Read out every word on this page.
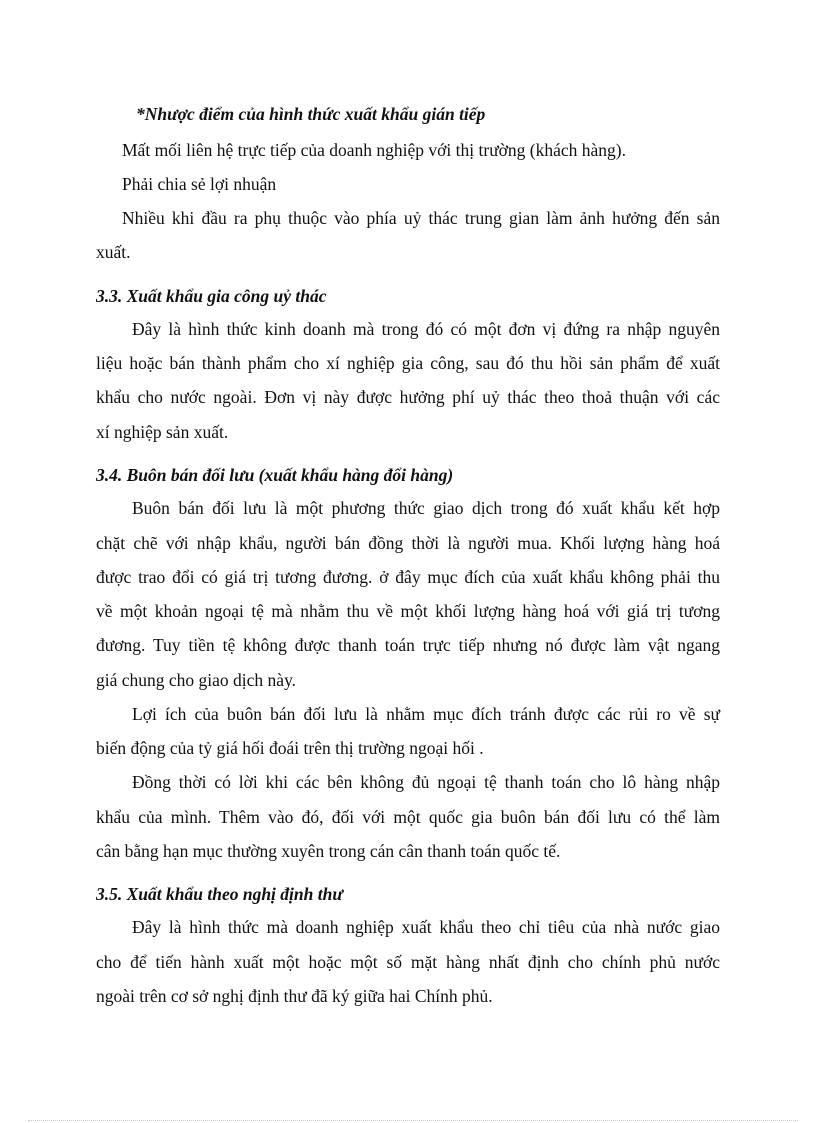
*Nhược điểm của hình thức xuất khẩu gián tiếp

Mất mối liên hệ trực tiếp của doanh nghiệp với thị trường (khách hàng).

Phải chia sẻ lợi nhuận

Nhiều khi đầu ra phụ thuộc vào phía uỷ thác trung gian làm ảnh hưởng đến sản

xuất.

3.3. Xuất khẩu gia công uỷ thác

Đây là hình thức kinh doanh mà trong đó có một đơn vị đứng ra nhập nguyên

liệu hoặc bán thành phẩm cho xí nghiệp gia công, sau đó thu hồi sản phẩm để xuất

khẩu cho nước ngoài. Đơn vị này được hưởng phí uỷ thác theo thoả thuận với các

xí nghiệp sản xuất.

3.4. Buôn bán đối lưu (xuất khẩu hàng đổi hàng)

Buôn bán đối lưu là một phương thức giao dịch trong đó xuất khẩu kết hợp

chặt chẽ với nhập khẩu, người bán đồng thời là người mua. Khối lượng hàng hoá

được trao đổi có giá trị tương đương. ở đây mục đích của xuất khẩu không phải thu

về một khoản ngoại tệ mà nhằm thu về một khối lượng hàng hoá với giá trị tương

đương. Tuy tiền tệ không được thanh toán trực tiếp nhưng nó được làm vật ngang

giá chung cho giao dịch này.

Lợi ích của buôn bán đối lưu là nhằm mục đích tránh được các rủi ro về sự

biến động của tỷ giá hối đoái trên thị trường ngoại hối .

Đồng thời có lời khi các bên không đủ ngoại tệ thanh toán cho lô hàng nhập

khẩu của mình. Thêm vào đó, đối với một quốc gia buôn bán đối lưu có thể làm

cân bằng hạn mục thường xuyên trong cán cân thanh toán quốc tế.

3.5. Xuất khẩu theo nghị định thư

Đây là hình thức mà doanh nghiệp xuất khẩu theo chỉ tiêu của nhà nước giao

cho để tiến hành xuất một hoặc một số mặt hàng nhất định cho chính phủ nước

ngoài trên cơ sở nghị định thư đã ký giữa hai Chính phủ.
